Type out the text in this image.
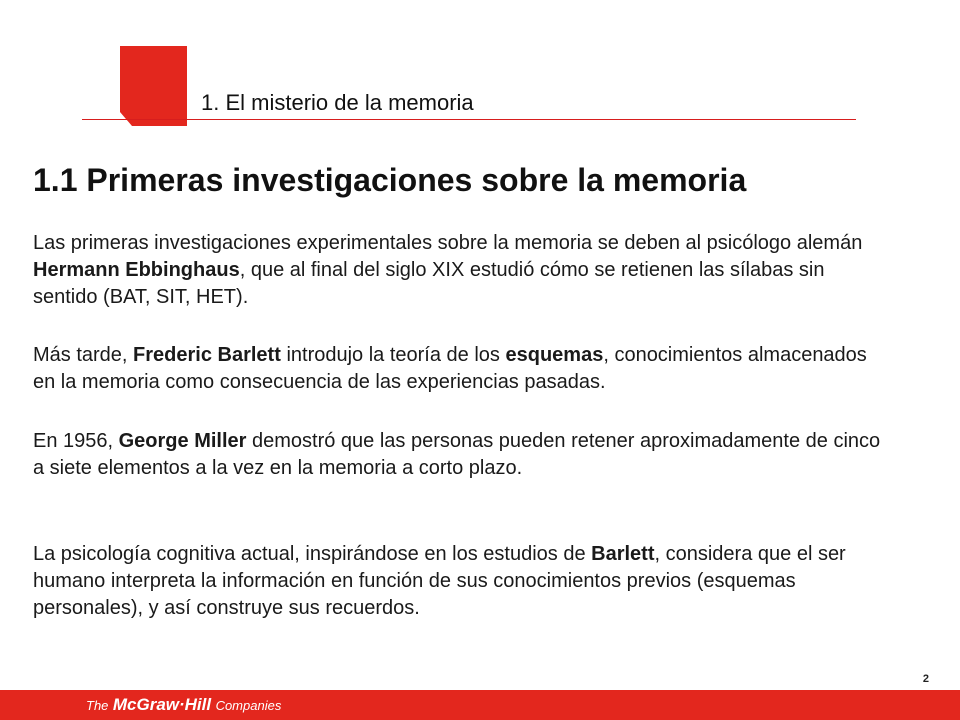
1. El misterio de la memoria
1.1 Primeras investigaciones sobre la memoria

Las primeras investigaciones experimentales sobre la memoria se deben al psicólogo alemán Hermann Ebbinghaus, que al final del siglo XIX estudió cómo se retienen las sílabas sin sentido (BAT, SIT, HET).

Más tarde, Frederic Barlett introdujo la teoría de los esquemas, conocimientos almacenados en la memoria como consecuencia de las experiencias pasadas.

En 1956, George Miller demostró que las personas pueden retener aproximadamente de cinco a siete elementos a la vez en la memoria a corto plazo.

La psicología cognitiva actual, inspirándose en los estudios de Barlett, considera que el ser humano interpreta la información en función de sus conocimientos previos (esquemas personales), y así construye sus recuerdos.

2
The McGraw·Hill Companies
